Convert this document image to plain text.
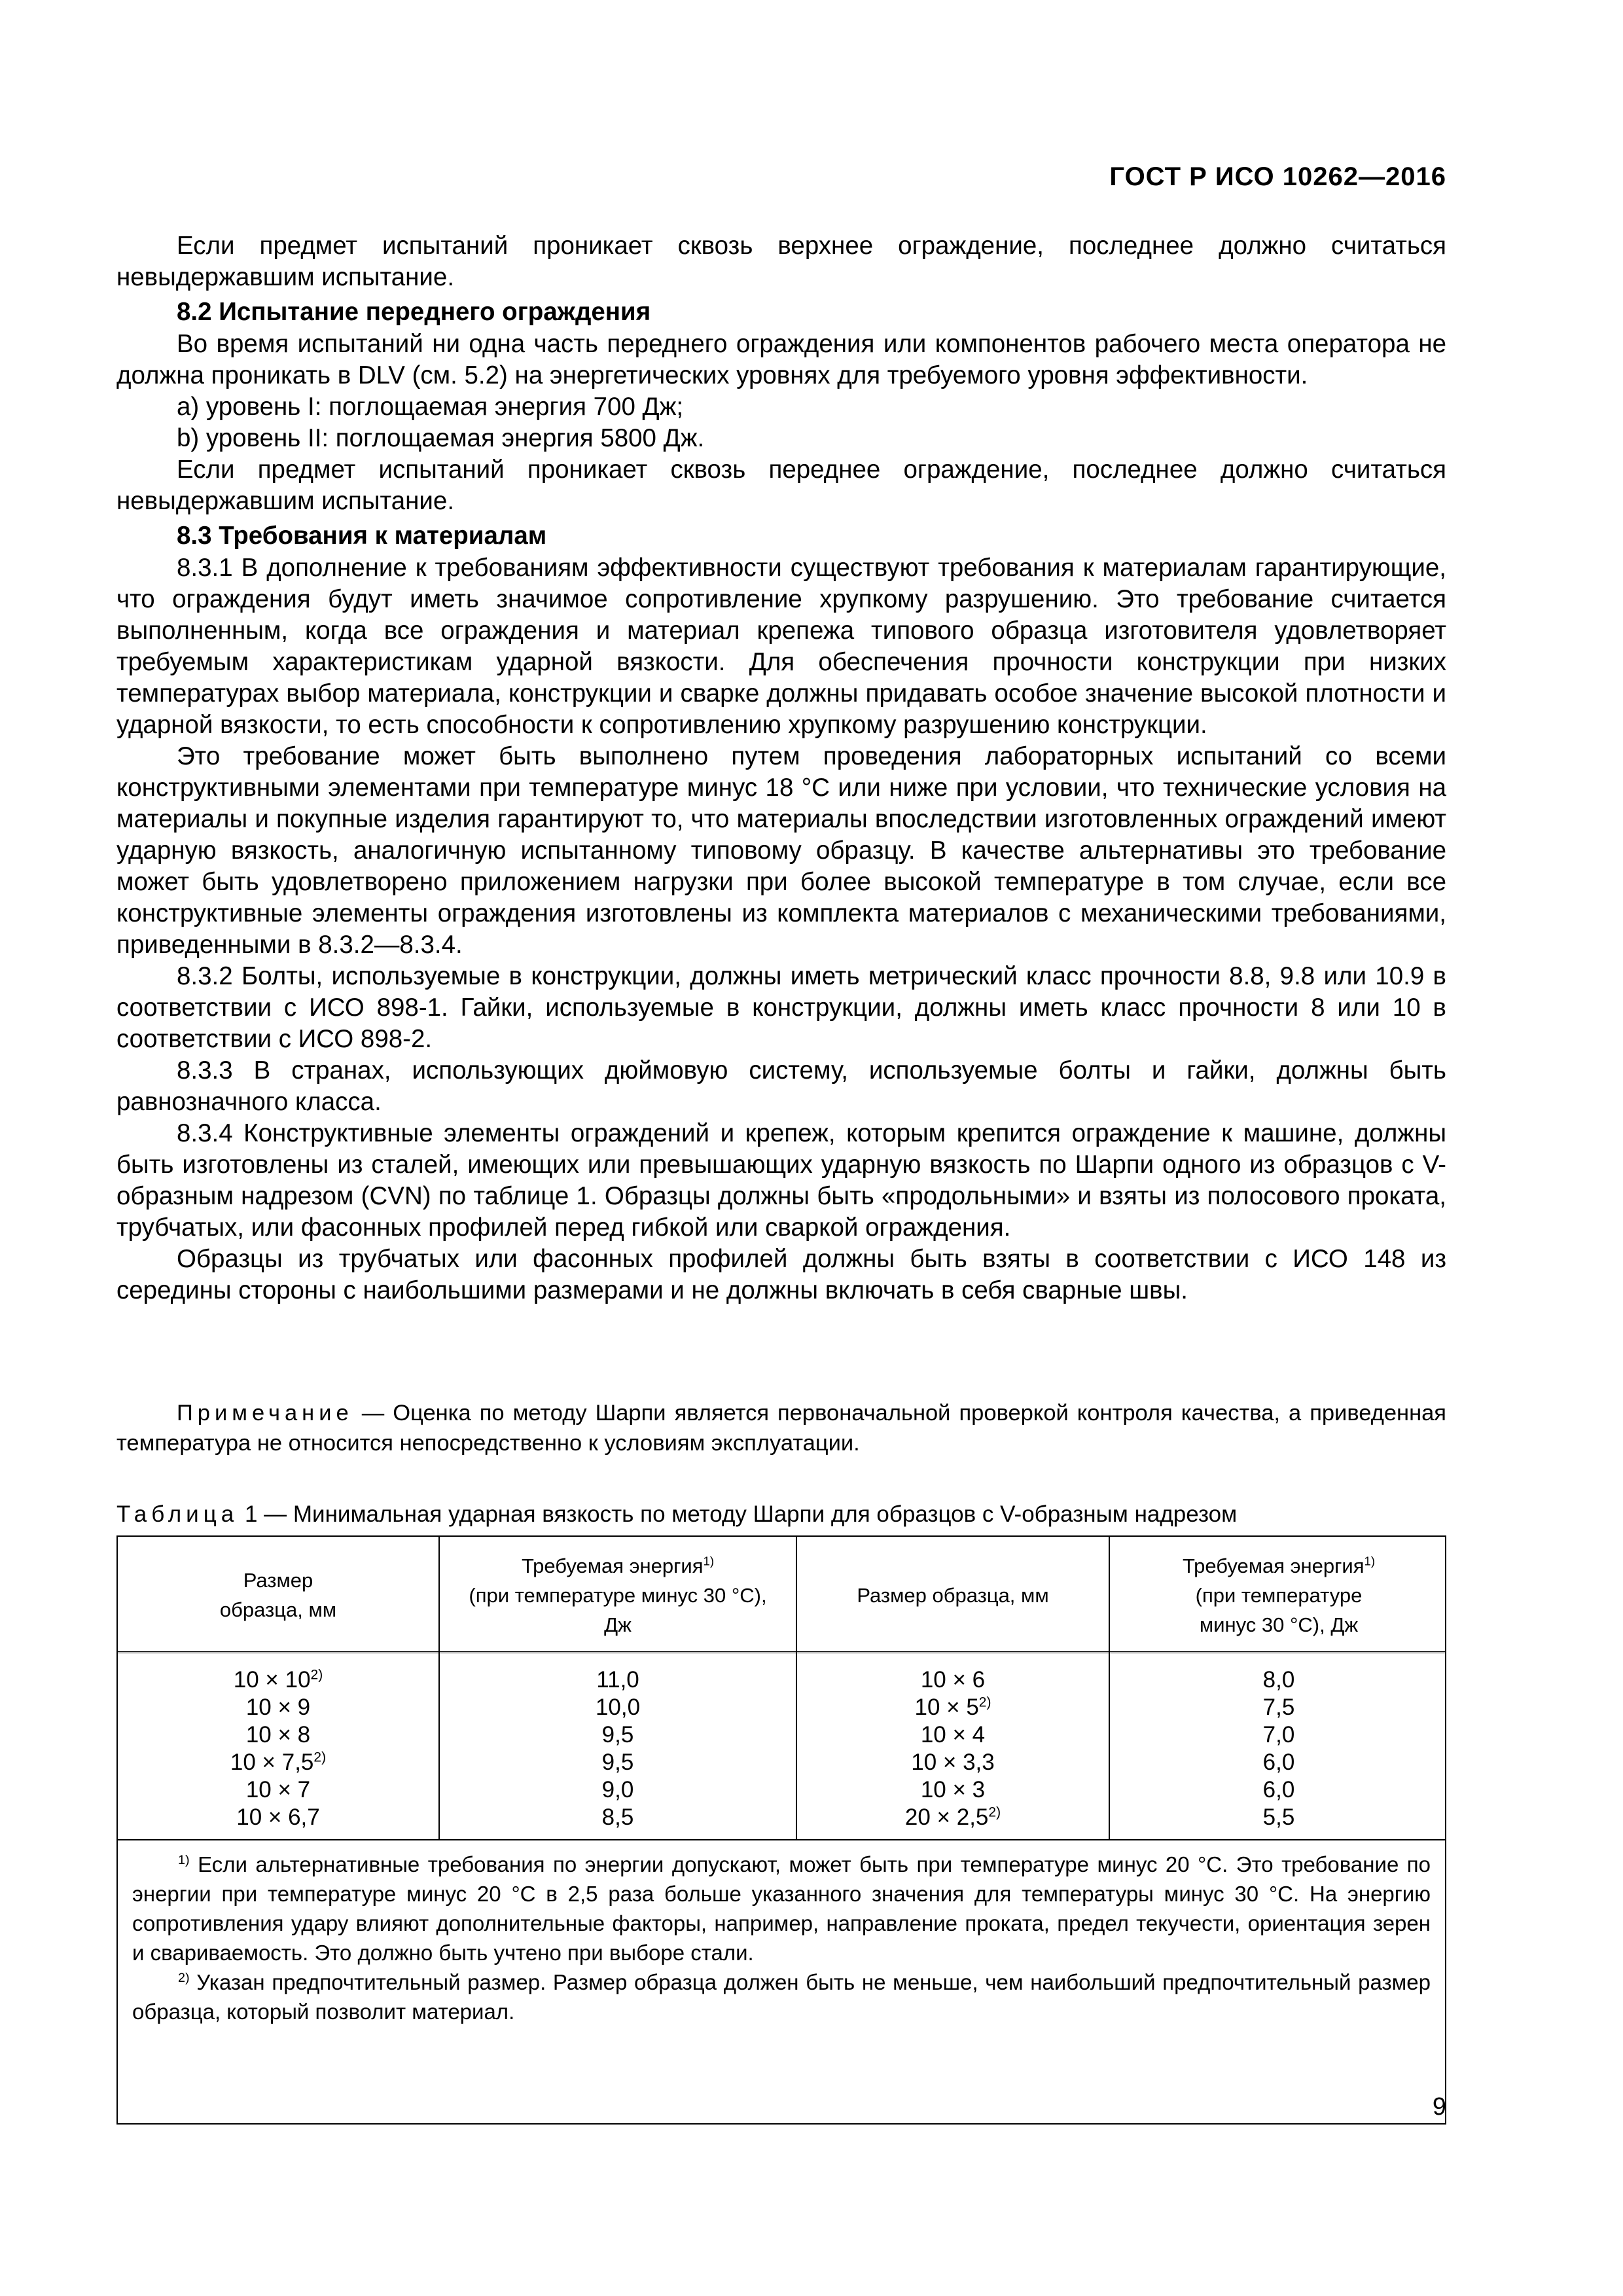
ГОСТ Р ИСО 10262—2016

Если предмет испытаний проникает сквозь верхнее ограждение, последнее должно считаться невыдержавшим испытание.

8.2 Испытание переднего ограждения

Во время испытаний ни одна часть переднего ограждения или компонентов рабочего места оператора не должна проникать в DLV (см. 5.2) на энергетических уровнях для требуемого уровня эффективности.

a) уровень I: поглощаемая энергия 700 Дж;

b) уровень II: поглощаемая энергия 5800 Дж.

Если предмет испытаний проникает сквозь переднее ограждение, последнее должно считаться невыдержавшим испытание.

8.3 Требования к материалам

8.3.1 В дополнение к требованиям эффективности существуют требования к материалам гарантирующие, что ограждения будут иметь значимое сопротивление хрупкому разрушению. Это требование считается выполненным, когда все ограждения и материал крепежа типового образца изготовителя удовлетворяет требуемым характеристикам ударной вязкости. Для обеспечения прочности конструкции при низких температурах выбор материала, конструкции и сварке должны придавать особое значение высокой плотности и ударной вязкости, то есть способности к сопротивлению хрупкому разрушению конструкции.

Это требование может быть выполнено путем проведения лабораторных испытаний со всеми конструктивными элементами при температуре минус 18 °С или ниже при условии, что технические условия на материалы и покупные изделия гарантируют то, что материалы впоследствии изготовленных ограждений имеют ударную вязкость, аналогичную испытанному типовому образцу. В качестве альтернативы это требование может быть удовлетворено приложением нагрузки при более высокой температуре в том случае, если все конструктивные элементы ограждения изготовлены из комплекта материалов с механическими требованиями, приведенными в 8.3.2—8.3.4.

8.3.2 Болты, используемые в конструкции, должны иметь метрический класс прочности 8.8, 9.8 или 10.9 в соответствии с ИСО 898-1. Гайки, используемые в конструкции, должны иметь класс прочности 8 или 10 в соответствии с ИСО 898-2.

8.3.3 В странах, использующих дюймовую систему, используемые болты и гайки, должны быть равнозначного класса.

8.3.4 Конструктивные элементы ограждений и крепеж, которым крепится ограждение к машине, должны быть изготовлены из сталей, имеющих или превышающих ударную вязкость по Шарпи одного из образцов с V-образным надрезом (CVN) по таблице 1. Образцы должны быть «продольными» и взяты из полосового проката, трубчатых, или фасонных профилей перед гибкой или сваркой ограждения.

Образцы из трубчатых или фасонных профилей должны быть взяты в соответствии с ИСО 148 из середины стороны с наибольшими размерами и не должны включать в себя сварные швы.

Примечание — Оценка по методу Шарпи является первоначальной проверкой контроля качества, а приведенная температура не относится непосредственно к условиям эксплуатации.

Таблица 1 — Минимальная ударная вязкость по методу Шарпи для образцов с V-образным надрезом
Размер образца, мм
Требуемая энергия$^{1)}$
(при температуре минус 30 °С), Дж
Размер образца, мм
Требуемая энергия$^{1)}$
(при температуре минус 30 °С), Дж
$10 \times 10^{2)}$
10 × 9
10 × 8
$10 \times 7,5^{2)}$
10 × 7
10 × 6,7
11,0
10,0
9,5
9,5
9,0
8,5
10 × 6
$10 \times 5^{2)}$
10 × 4
10 × 3,3
10 × 3
$20 \times 2,5^{2)}$
8,0
7,5
7,0
6,0
6,0
5,5

$^{1)}$ Если альтернативные требования по энергии допускают, может быть при температуре минус 20 °С. Это требование по энергии при температуре минус 20 °С в 2,5 раза больше указанного значения для температуры минус 30 °С. На энергию сопротивления удару влияют дополнительные факторы, например, направление проката, предел текучести, ориентация зерен и свариваемость. Это должно быть учтено при выборе стали.

$^{2)}$ Указан предпочтительный размер. Размер образца должен быть не меньше, чем наибольший предпочтительный размер образца, который позволит материал.

9
